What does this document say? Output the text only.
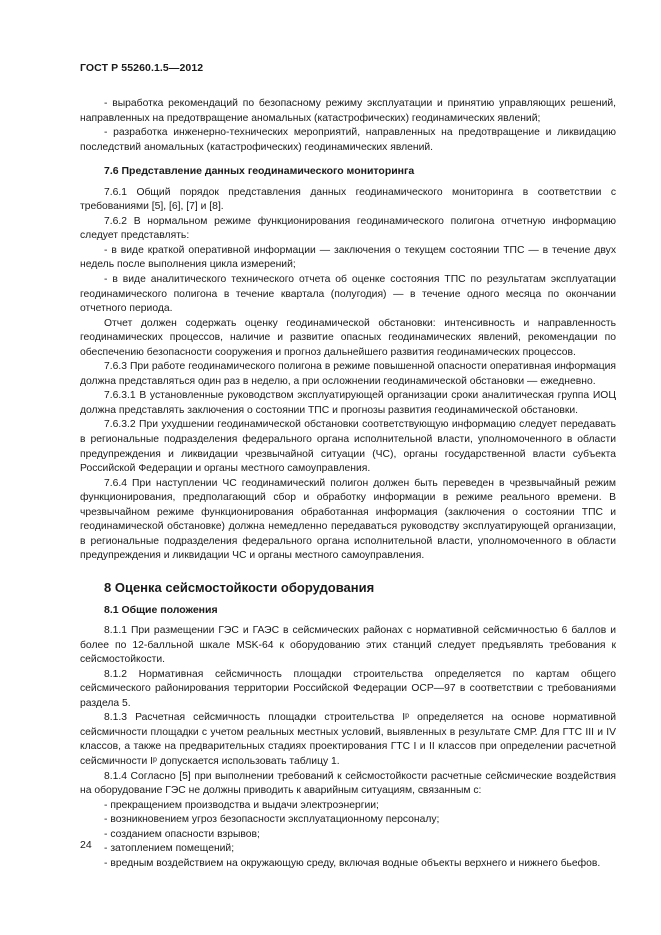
ГОСТ Р 55260.1.5—2012

- выработка рекомендаций по безопасному режиму эксплуатации и принятию управляющих решений, направленных на предотвращение аномальных (катастрофических) геодинамических явлений;

- разработка инженерно-технических мероприятий, направленных на предотвращение и ликвидацию последствий аномальных (катастрофических) геодинамических явлений.

7.6 Представление данных геодинамического мониторинга

7.6.1 Общий порядок представления данных геодинамического мониторинга в соответствии с требованиями [5], [6], [7] и [8].

7.6.2 В нормальном режиме функционирования геодинамического полигона отчетную информацию следует представлять:

- в виде краткой оперативной информации — заключения о текущем состоянии ТПС — в течение двух недель после выполнения цикла измерений;

- в виде аналитического технического отчета об оценке состояния ТПС по результатам эксплуатации геодинамического полигона в течение квартала (полугодия) — в течение одного месяца по окончании отчетного периода.

Отчет должен содержать оценку геодинамической обстановки: интенсивность и направленность геодинамических процессов, наличие и развитие опасных геодинамических явлений, рекомендации по обеспечению безопасности сооружения и прогноз дальнейшего развития геодинамических процессов.

7.6.3 При работе геодинамического полигона в режиме повышенной опасности оперативная информация должна представляться один раз в неделю, а при осложнении геодинамической обстановки — ежедневно.

7.6.3.1 В установленные руководством эксплуатирующей организации сроки аналитическая группа ИОЦ должна представлять заключения о состоянии ТПС и прогнозы развития геодинамической обстановки.

7.6.3.2 При ухудшении геодинамической обстановки соответствующую информацию следует передавать в региональные подразделения федерального органа исполнительной власти, уполномоченного в области предупреждения и ликвидации чрезвычайной ситуации (ЧС), органы государственной власти субъекта Российской Федерации и органы местного самоуправления.

7.6.4 При наступлении ЧС геодинамический полигон должен быть переведен в чрезвычайный режим функционирования, предполагающий сбор и обработку информации в режиме реального времени. В чрезвычайном режиме функционирования обработанная информация (заключения о состоянии ТПС и геодинамической обстановке) должна немедленно передаваться руководству эксплуатирующей организации, в региональные подразделения федерального органа исполнительной власти, уполномоченного в области предупреждения и ликвидации ЧС и органы местного самоуправления.

8 Оценка сейсмостойкости оборудования

8.1 Общие положения

8.1.1 При размещении ГЭС и ГАЭС в сейсмических районах с нормативной сейсмичностью 6 баллов и более по 12-балльной шкале MSK-64 к оборудованию этих станций следует предъявлять требования к сейсмостойкости.

8.1.2 Нормативная сейсмичность площадки строительства определяется по картам общего сейсмического районирования территории Российской Федерации ОСР—97 в соответствии с требованиями раздела 5.

8.1.3 Расчетная сейсмичность площадки строительства Iᵖ определяется на основе нормативной сейсмичности площадки с учетом реальных местных условий, выявленных в результате СМР. Для ГТС III и IV классов, а также на предварительных стадиях проектирования ГТС I и II классов при определении расчетной сейсмичности Iᵖ допускается использовать таблицу 1.

8.1.4 Согласно [5] при выполнении требований к сейсмостойкости расчетные сейсмические воздействия на оборудование ГЭС не должны приводить к аварийным ситуациям, связанным с:

- прекращением производства и выдачи электроэнергии;

- возникновением угроз безопасности эксплуатационному персоналу;

- созданием опасности взрывов;

- затоплением помещений;

- вредным воздействием на окружающую среду, включая водные объекты верхнего и нижнего бьефов.

24
